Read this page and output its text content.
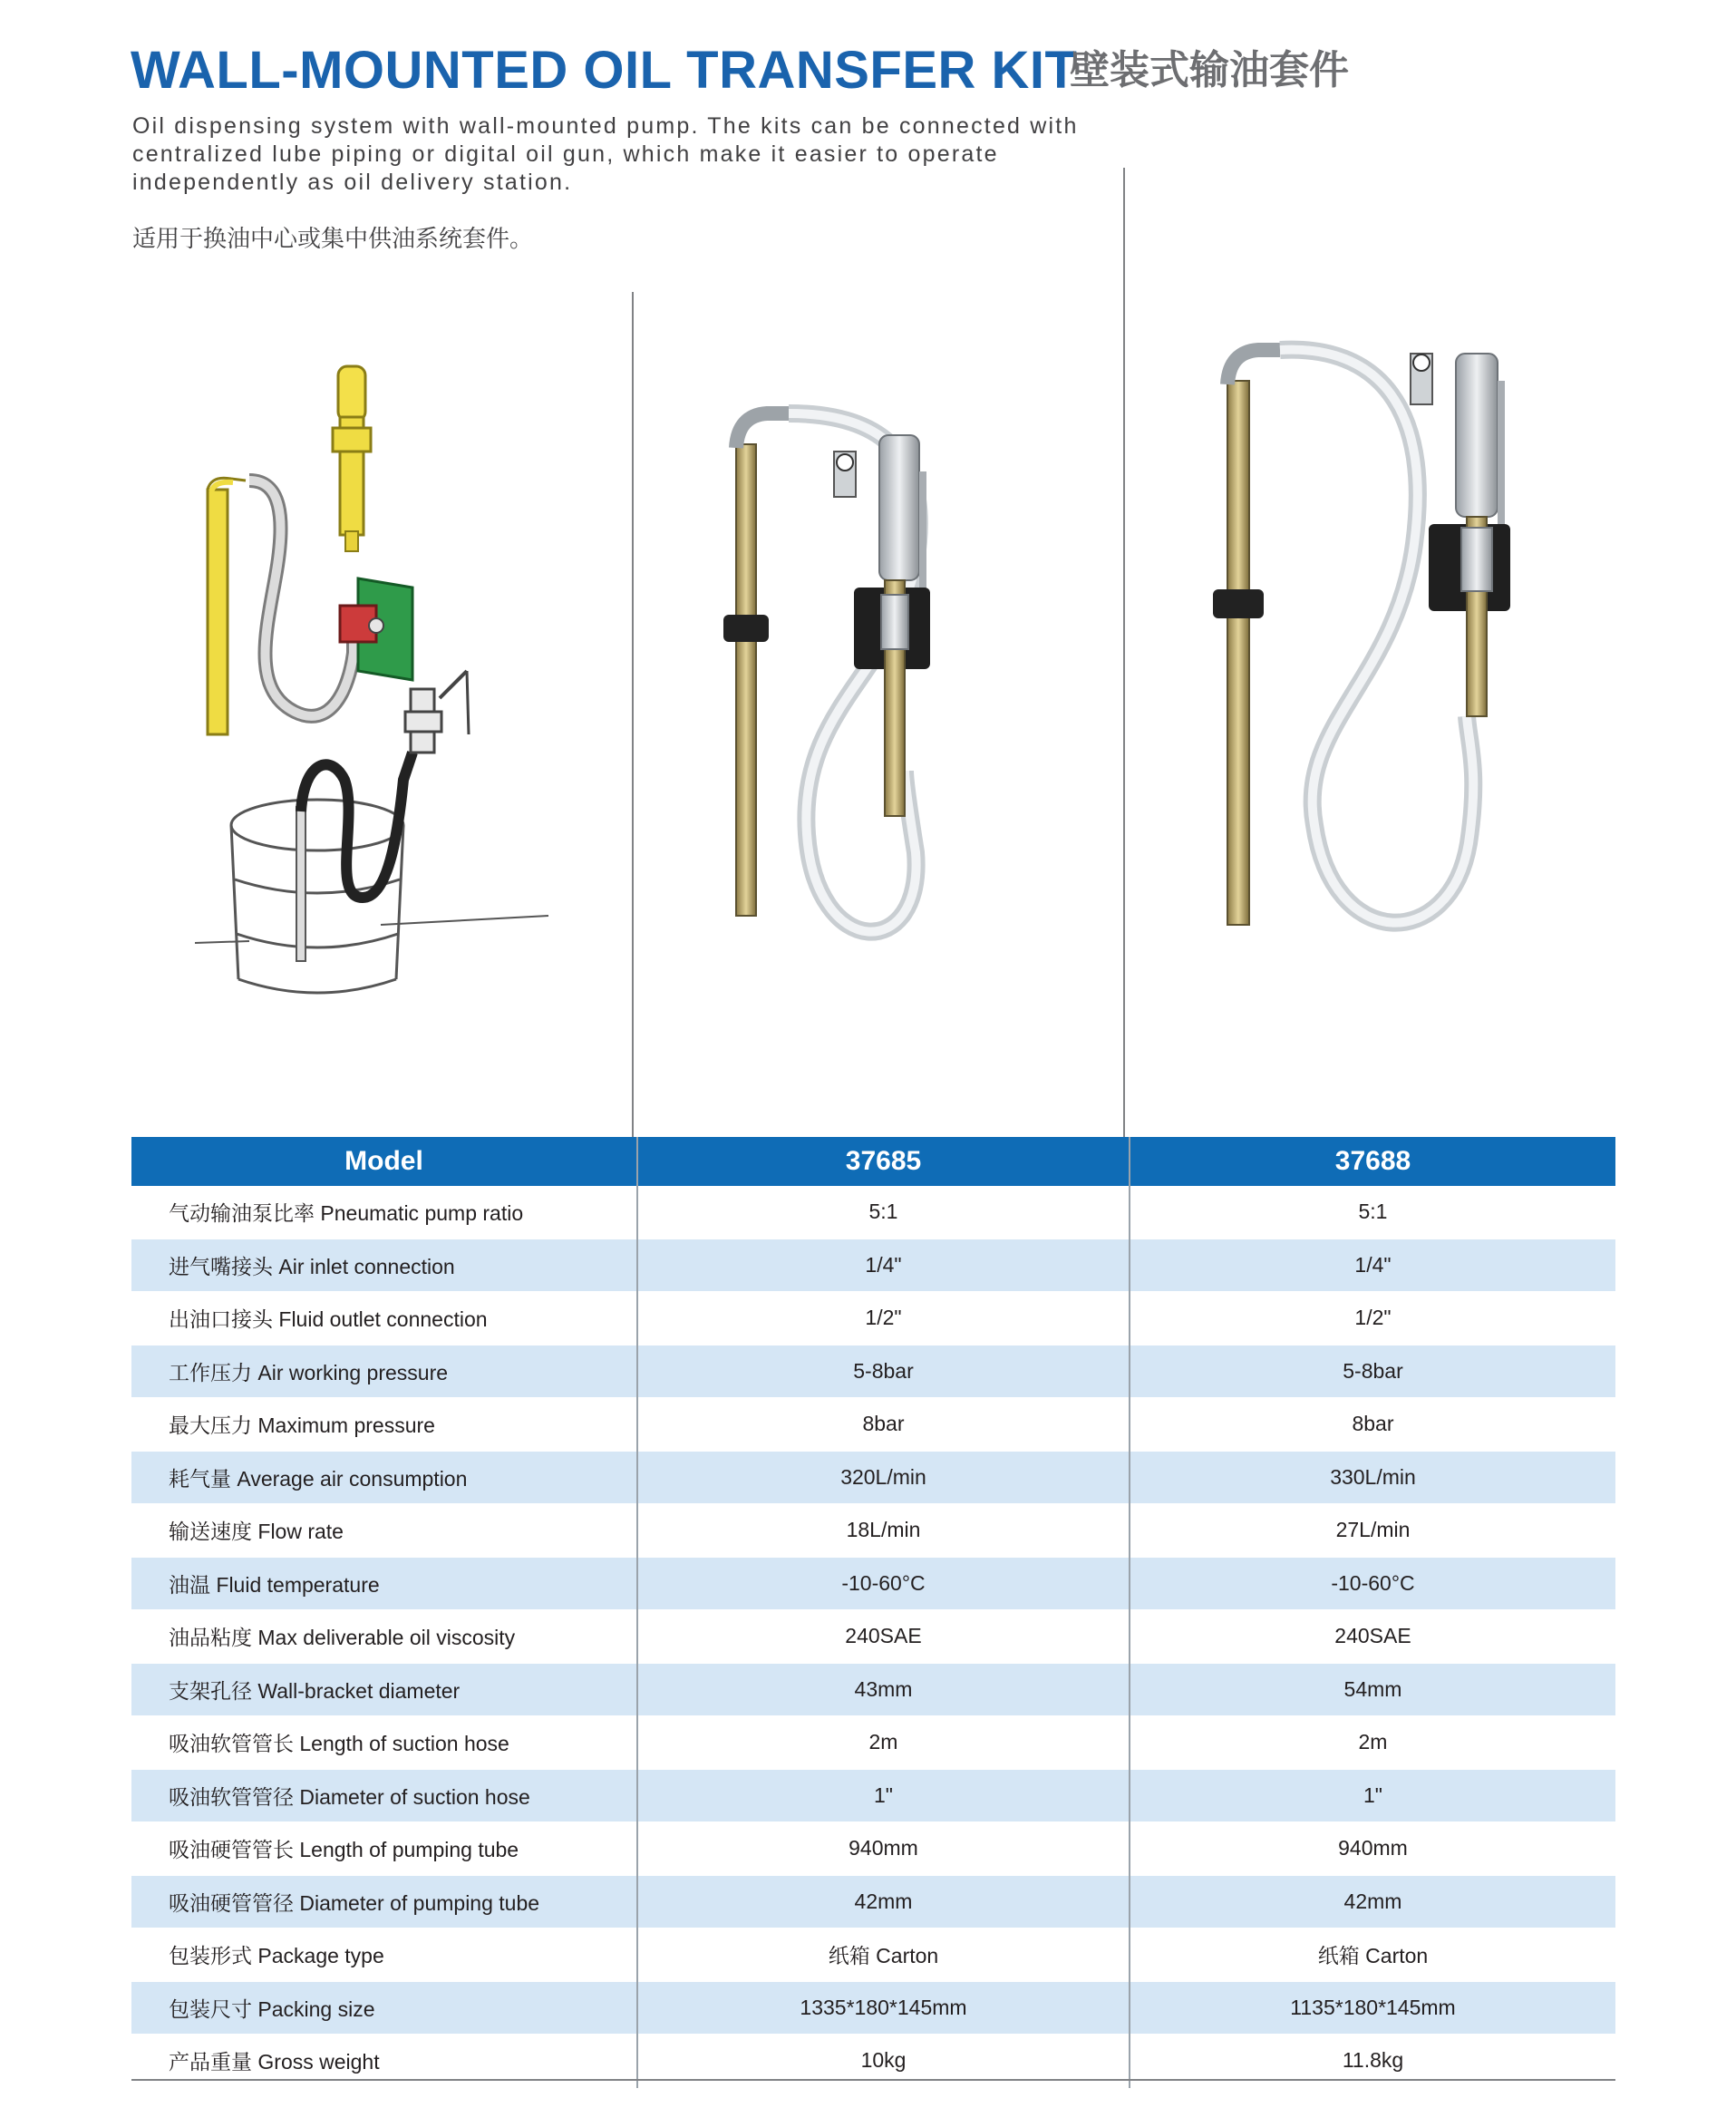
WALL-MOUNTED OIL TRANSFER KIT
壁装式输油套件
Oil dispensing system with wall-mounted pump. The kits can be connected with centralized lube piping or digital oil gun, which make it easier to operate independently as oil delivery station.
适用于换油中心或集中供油系统套件。
Model	37685	37688
气动输油泵比率 Pneumatic pump ratio	5:1	5:1
进气嘴接头 Air inlet connection	1/4"	1/4"
出油口接头 Fluid outlet connection	1/2"	1/2"
工作压力 Air working pressure	5-8bar	5-8bar
最大压力 Maximum pressure	8bar	8bar
耗气量 Average air consumption	320L/min	330L/min
输送速度 Flow rate	18L/min	27L/min
油温 Fluid temperature	-10-60°C	-10-60°C
油品粘度 Max deliverable oil viscosity	240SAE	240SAE
支架孔径 Wall-bracket diameter	43mm	54mm
吸油软管管长 Length of suction hose	2m	2m
吸油软管管径 Diameter of suction hose	1"	1"
吸油硬管管长 Length of pumping tube	940mm	940mm
吸油硬管管径 Diameter of pumping tube	42mm	42mm
包装形式 Package type	纸箱 Carton	纸箱 Carton
包装尺寸 Packing size	1335*180*145mm	1135*180*145mm
产品重量 Gross weight	10kg	11.8kg
